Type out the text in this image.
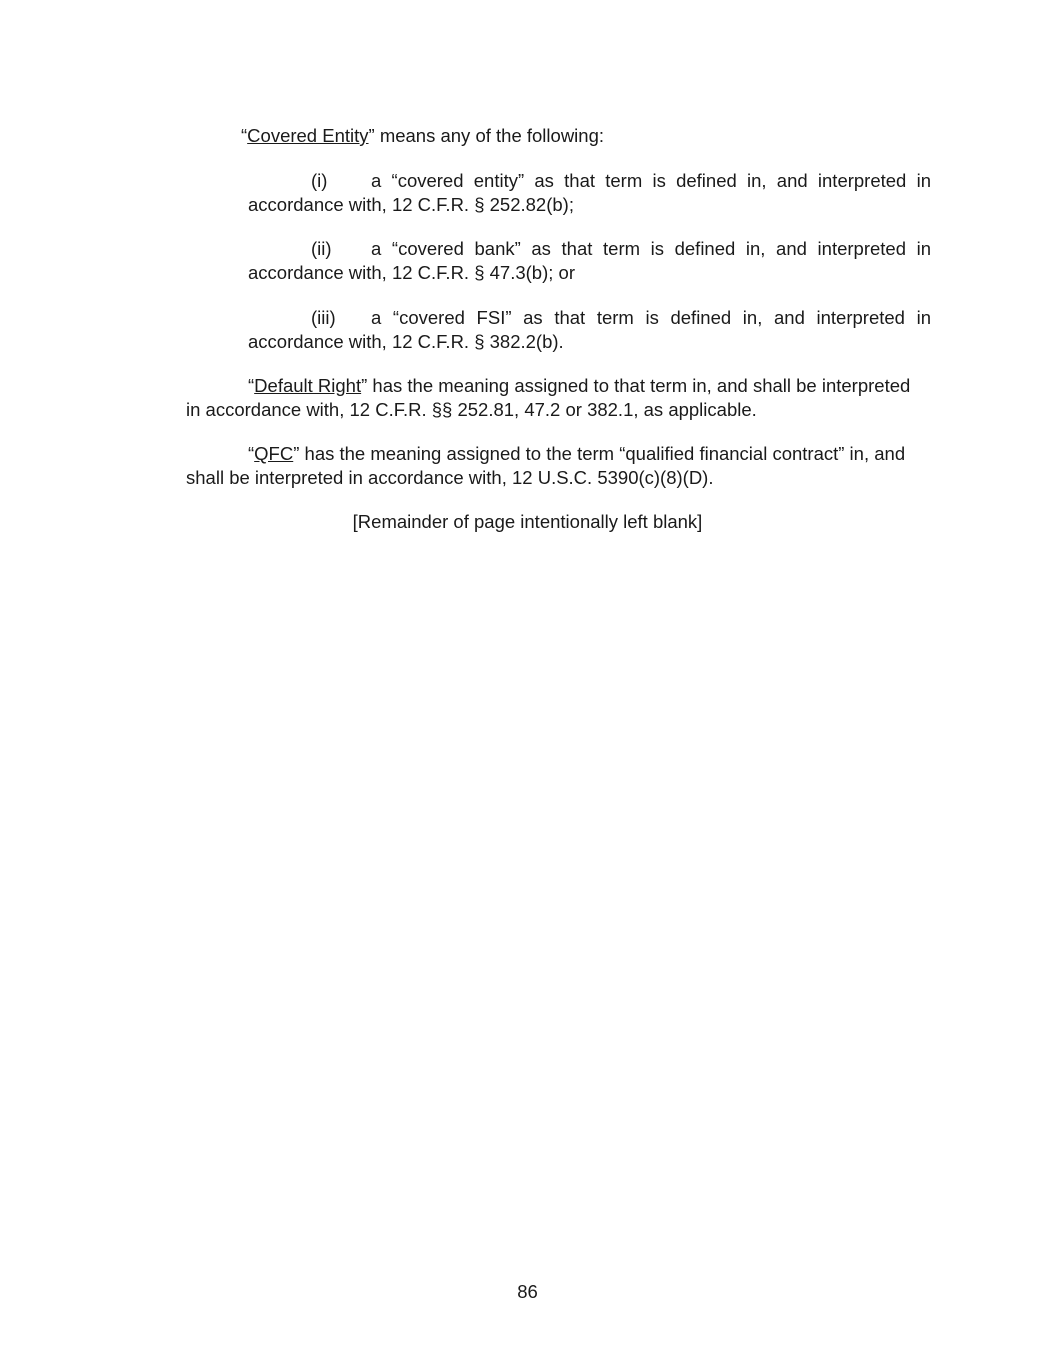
“Covered Entity” means any of the following:

(i) a “covered entity” as that term is defined in, and interpreted in
accordance with, 12 C.F.R. § 252.82(b);
(ii) a “covered bank” as that term is defined in, and interpreted in
accordance with, 12 C.F.R. § 47.3(b); or
(iii) a “covered FSI” as that term is defined in, and interpreted in
accordance with, 12 C.F.R. § 382.2(b).
“Default Right” has the meaning assigned to that term in, and shall be interpreted
in accordance with, 12 C.F.R. §§ 252.81, 47.2 or 382.1, as applicable.
“QFC” has the meaning assigned to the term “qualified financial contract” in, and
shall be interpreted in accordance with, 12 U.S.C. 5390(c)(8)(D).
[Remainder of page intentionally left blank]
86
